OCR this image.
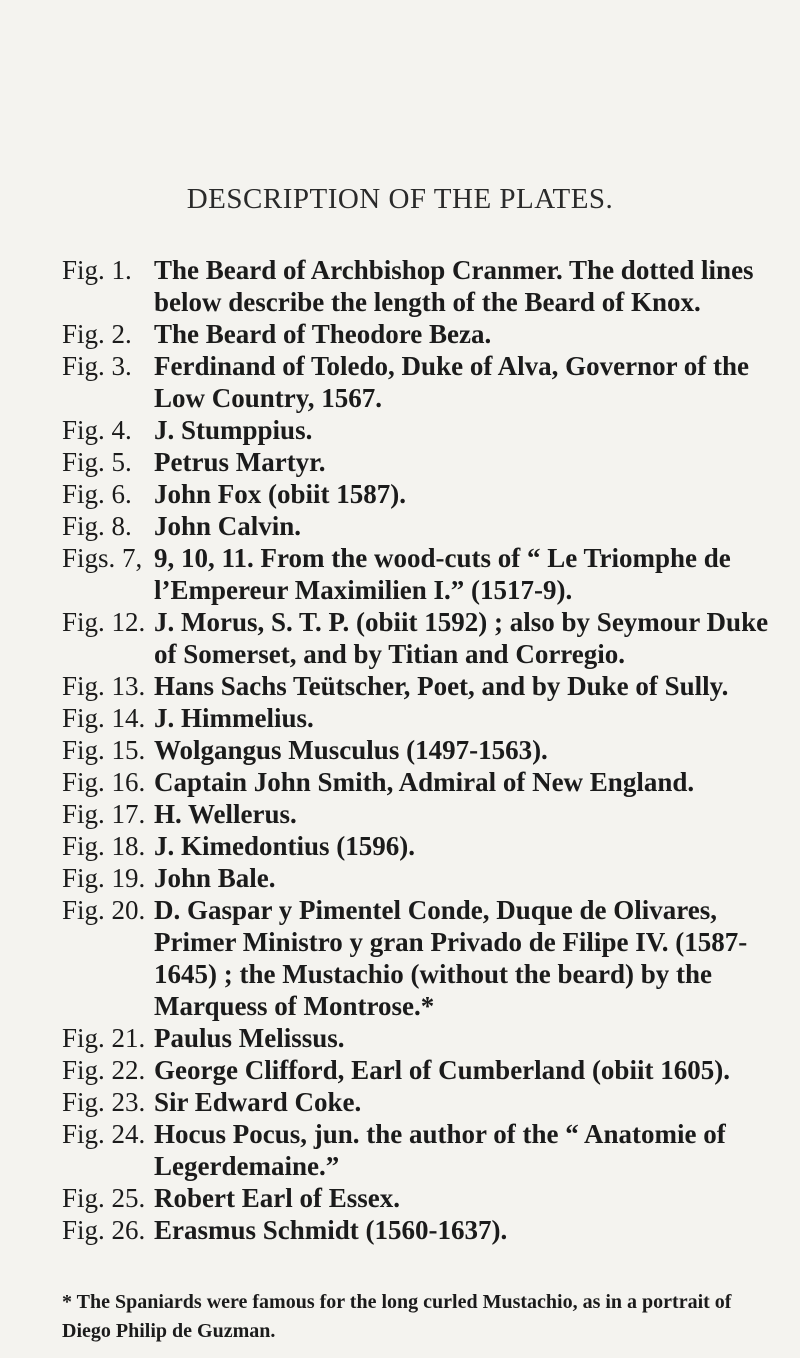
DESCRIPTION OF THE PLATES.
Fig. 1. The Beard of Archbishop Cranmer. The dotted lines below describe the length of the Beard of Knox.
Fig. 2. The Beard of Theodore Beza.
Fig. 3. Ferdinand of Toledo, Duke of Alva, Governor of the Low Country, 1567.
Fig. 4. J. Stumppius.
Fig. 5. Petrus Martyr.
Fig. 6. John Fox (obiit 1587).
Fig. 8. John Calvin.
Figs. 7, 9, 10, 11. From the wood-cuts of “ Le Triomphe de l’Empereur Maximilien I.” (1517-9).
Fig. 12. J. Morus, S. T. P. (obiit 1592) ; also by Seymour Duke of Somerset, and by Titian and Corregio.
Fig. 13. Hans Sachs Teütscher, Poet, and by Duke of Sully.
Fig. 14. J. Himmelius.
Fig. 15. Wolgangus Musculus (1497-1563).
Fig. 16. Captain John Smith, Admiral of New England.
Fig. 17. H. Wellerus.
Fig. 18. J. Kimedontius (1596).
Fig. 19. John Bale.
Fig. 20. D. Gaspar y Pimentel Conde, Duque de Olivares, Primer Ministro y gran Privado de Filipe IV. (1587-1645) ; the Mustachio (without the beard) by the Marquess of Montrose.*
Fig. 21. Paulus Melissus.
Fig. 22. George Clifford, Earl of Cumberland (obiit 1605).
Fig. 23. Sir Edward Coke.
Fig. 24. Hocus Pocus, jun. the author of the “ Anatomie of Legerdemaine.”
Fig. 25. Robert Earl of Essex.
Fig. 26. Erasmus Schmidt (1560-1637).
* The Spaniards were famous for the long curled Mustachio, as in a portrait of Diego Philip de Guzman.
